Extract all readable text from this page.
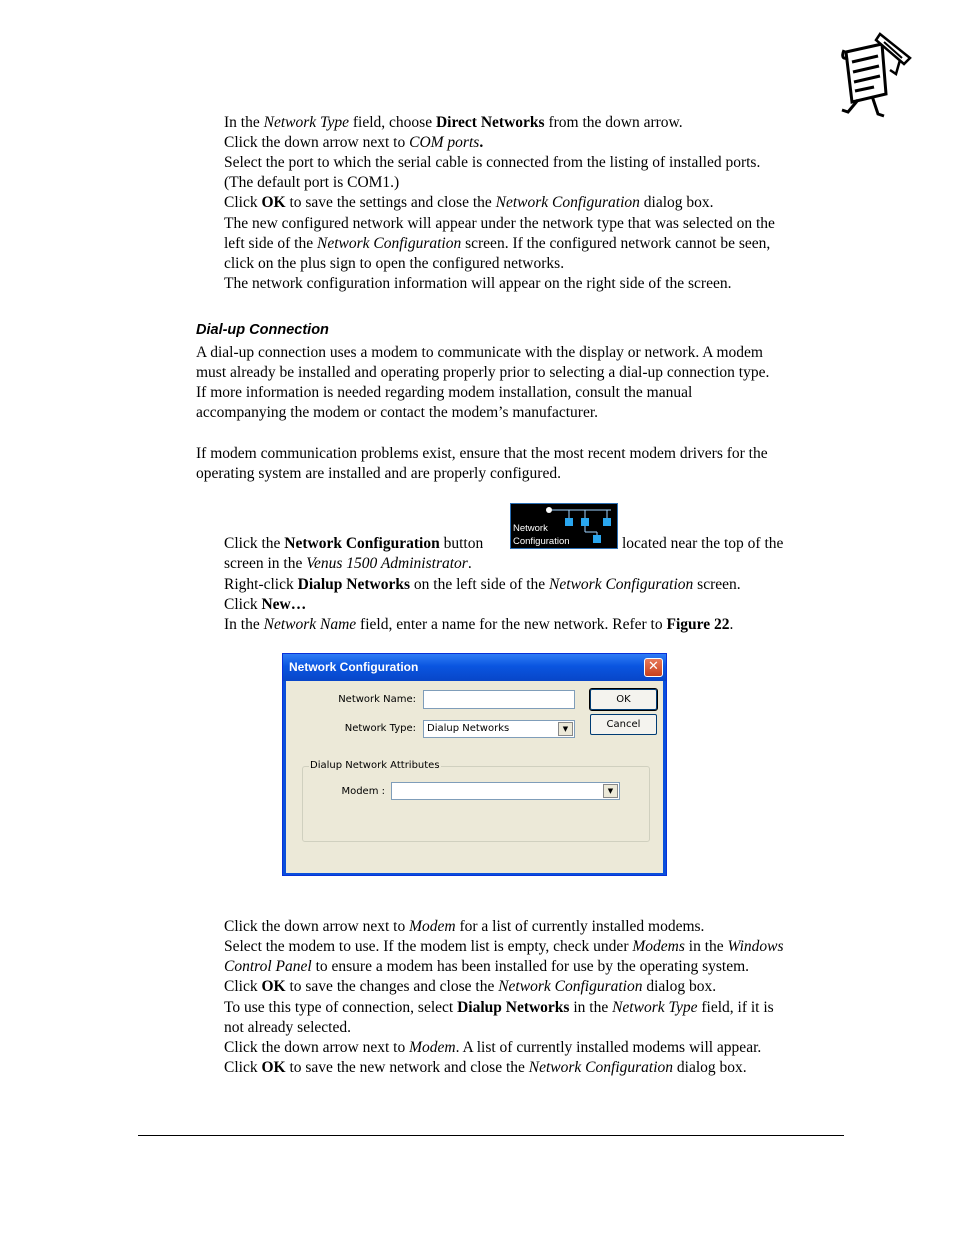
In the Network Type field, choose Direct Networks from the down arrow.

Click the down arrow next to COM ports.

Select the port to which the serial cable is connected from the listing of installed ports.

(The default port is COM1.)

Click OK to save the settings and close the Network Configuration dialog box.

The new configured network will appear under the network type that was selected on the

left side of the Network Configuration screen. If the configured network cannot be seen,

click on the plus sign to open the configured networks.

The network configuration information will appear on the right side of the screen.

Dial-up Connection

A dial-up connection uses a modem to communicate with the display or network. A modem

must already be installed and operating properly prior to selecting a dial-up connection type.

If more information is needed regarding modem installation, consult the manual

accompanying the modem or contact the modem’s manufacturer.

If modem communication problems exist, ensure that the most recent modem drivers for the

operating system are installed and are properly configured.

Click the Network Configuration button	located near the top of the

Network
Configuration

screen in the Venus 1500 Administrator.

Right-click Dialup Networks on the left side of the Network Configuration screen.

Click New…

In the Network Name field, enter a name for the new network. Refer to Figure 22.

Network Configuration	✕
Network Name:
Network Type: Dialup Networks	▼
OK
Cancel
Dialup Network Attributes
Modem :	▼

Click the down arrow next to Modem for a list of currently installed modems.

Select the modem to use. If the modem list is empty, check under Modems in the Windows

Control Panel to ensure a modem has been installed for use by the operating system.

Click OK to save the changes and close the Network Configuration dialog box.

To use this type of connection, select Dialup Networks in the Network Type field, if it is

not already selected.

Click the down arrow next to Modem. A list of currently installed modems will appear.

Click OK to save the new network and close the Network Configuration dialog box.
